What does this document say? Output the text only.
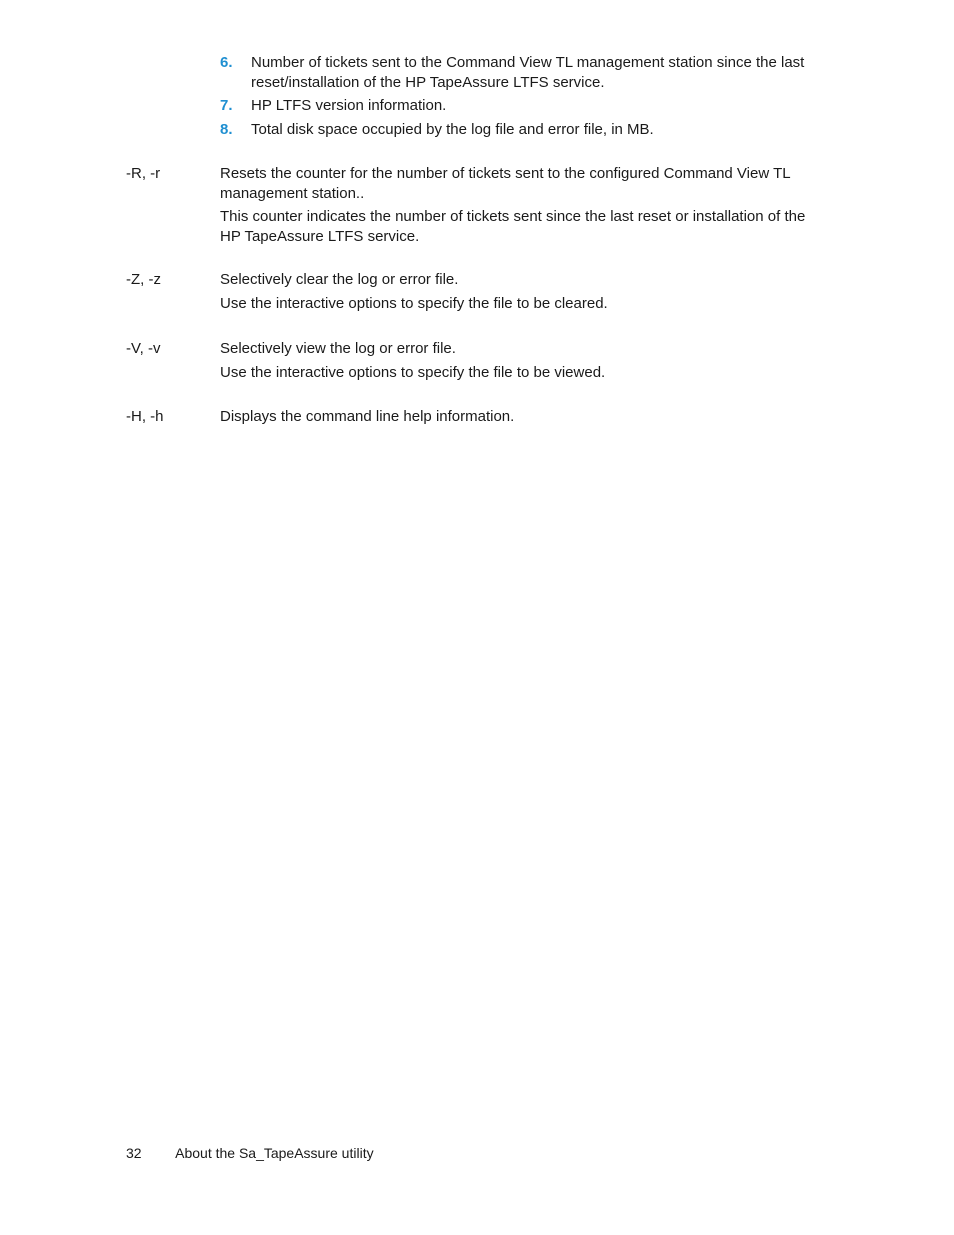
6. Number of tickets sent to the Command View TL management station since the last reset/installation of the HP TapeAssure LTFS service.
7. HP LTFS version information.
8. Total disk space occupied by the log file and error file, in MB.
-R, -r	Resets the counter for the number of tickets sent to the configured Command View TL management station..

This counter indicates the number of tickets sent since the last reset or installation of the HP TapeAssure LTFS service.

-Z, -z	Selectively clear the log or error file.

Use the interactive options to specify the file to be cleared.

-V, -v	Selectively view the log or error file.

Use the interactive options to specify the file to be viewed.

-H, -h	Displays the command line help information.

32 About the Sa_TapeAssure utility
